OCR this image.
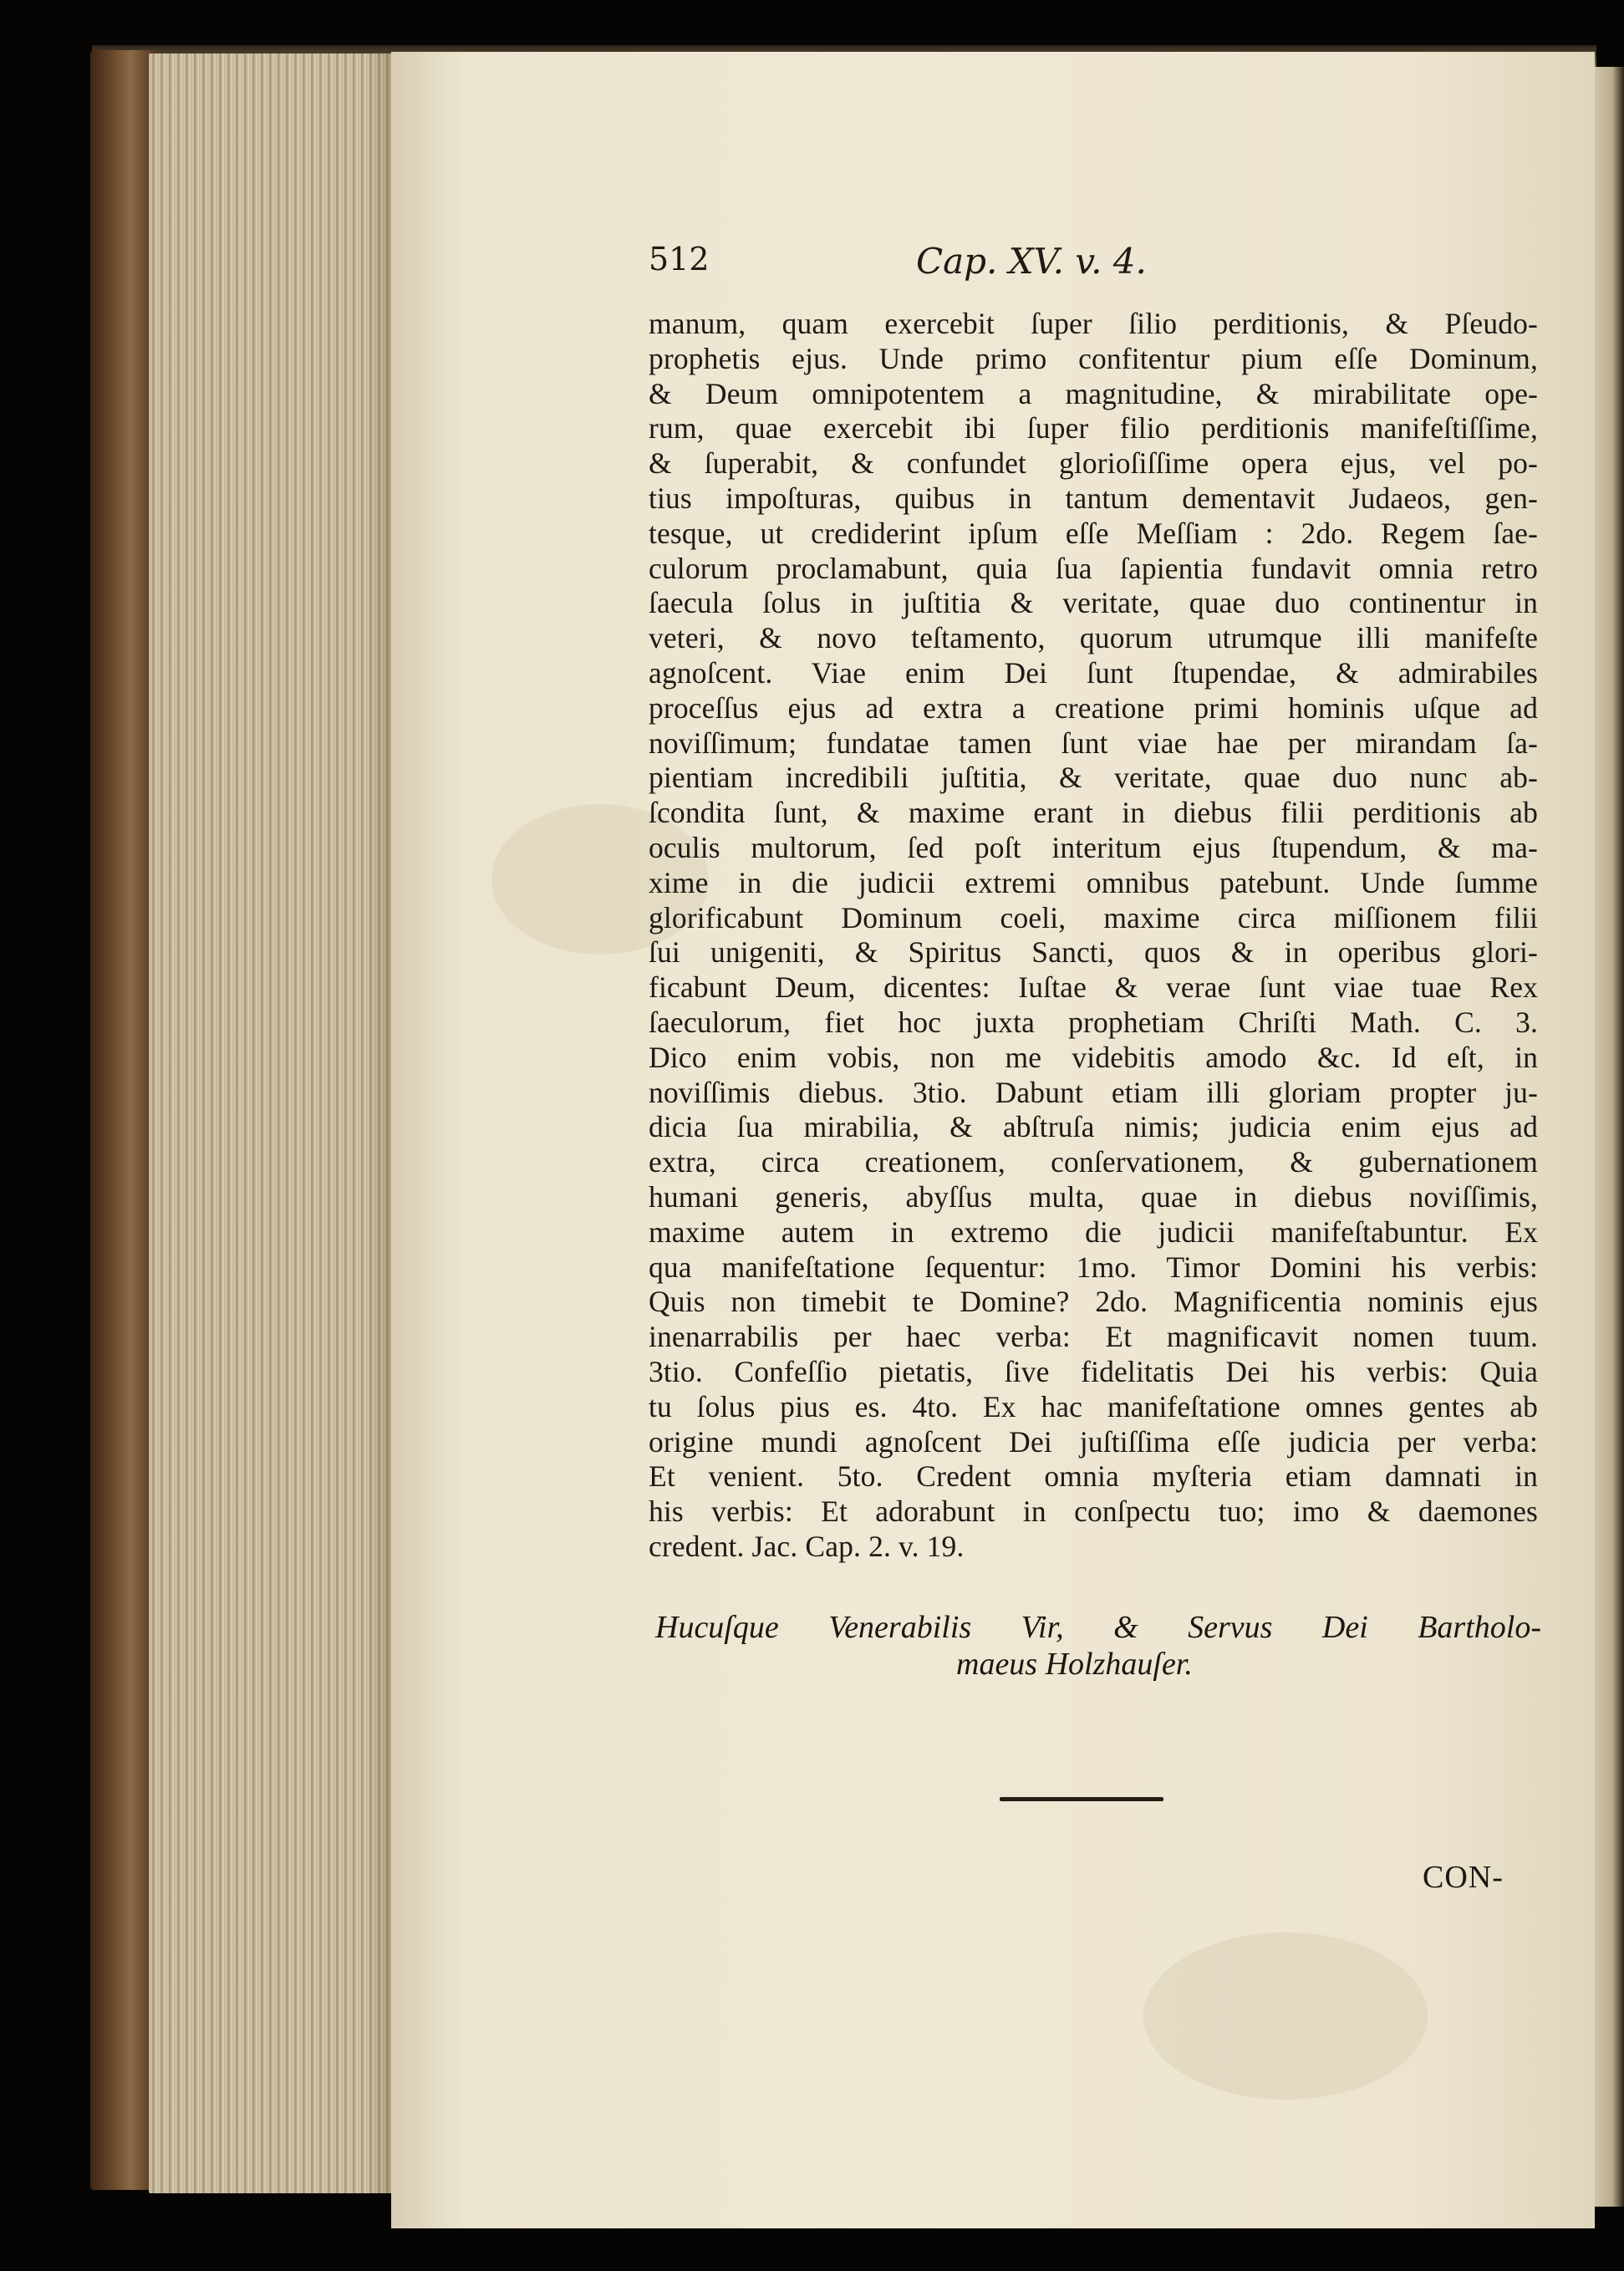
512	Cap. XV. v. 4.
manum, quam exercebit ſuper ſilio perditionis, & Pſeudo-
prophetis ejus. Unde primo confitentur pium eſſe Dominum,
& Deum omnipotentem a magnitudine, & mirabilitate ope-
rum, quae exercebit ibi ſuper filio perditionis manifeſtiſſime,
& ſuperabit, & confundet glorioſiſſime opera ejus, vel po-
tius impoſturas, quibus in tantum dementavit Judaeos, gen-
tesque, ut crediderint ipſum eſſe Meſſiam : 2do. Regem ſae-
culorum proclamabunt, quia ſua ſapientia fundavit omnia retro
ſaecula ſolus in juſtitia & veritate, quae duo continentur in
veteri, & novo teſtamento, quorum utrumque illi manifeſte
agnoſcent. Viae enim Dei ſunt ſtupendae, & admirabiles
proceſſus ejus ad extra a creatione primi hominis uſque ad
noviſſimum; fundatae tamen ſunt viae hae per mirandam ſa-
pientiam incredibili juſtitia, & veritate, quae duo nunc ab-
ſcondita ſunt, & maxime erant in diebus filii perditionis ab
oculis multorum, ſed poſt interitum ejus ſtupendum, & ma-
xime in die judicii extremi omnibus patebunt. Unde ſumme
glorificabunt Dominum coeli, maxime circa miſſionem filii
ſui unigeniti, & Spiritus Sancti, quos & in operibus glori-
ficabunt Deum, dicentes: Iuſtae & verae ſunt viae tuae Rex
ſaeculorum, fiet hoc juxta prophetiam Chriſti Math. C. 3.
Dico enim vobis, non me videbitis amodo &c. Id eſt, in
noviſſimis diebus. 3tio. Dabunt etiam illi gloriam propter ju-
dicia ſua mirabilia, & abſtruſa nimis; judicia enim ejus ad
extra, circa creationem, conſervationem, & gubernationem
humani generis, abyſſus multa, quae in diebus noviſſimis,
maxime autem in extremo die judicii manifeſtabuntur. Ex
qua manifeſtatione ſequentur: 1mo. Timor Domini his verbis:
Quis non timebit te Domine? 2do. Magnificentia nominis ejus
inenarrabilis per haec verba: Et magnificavit nomen tuum.
3tio. Confeſſio pietatis, ſive fidelitatis Dei his verbis: Quia
tu ſolus pius es. 4to. Ex hac manifeſtatione omnes gentes ab
origine mundi agnoſcent Dei juſtiſſima eſſe judicia per verba:
Et venient. 5to. Credent omnia myſteria etiam damnati in
his verbis: Et adorabunt in conſpectu tuo; imo & daemones
credent. Jac. Cap. 2. v. 19.
Hucuſque Venerabilis Vir, & Servus Dei Bartholo-
maeus Holzhauſer.
CON-
